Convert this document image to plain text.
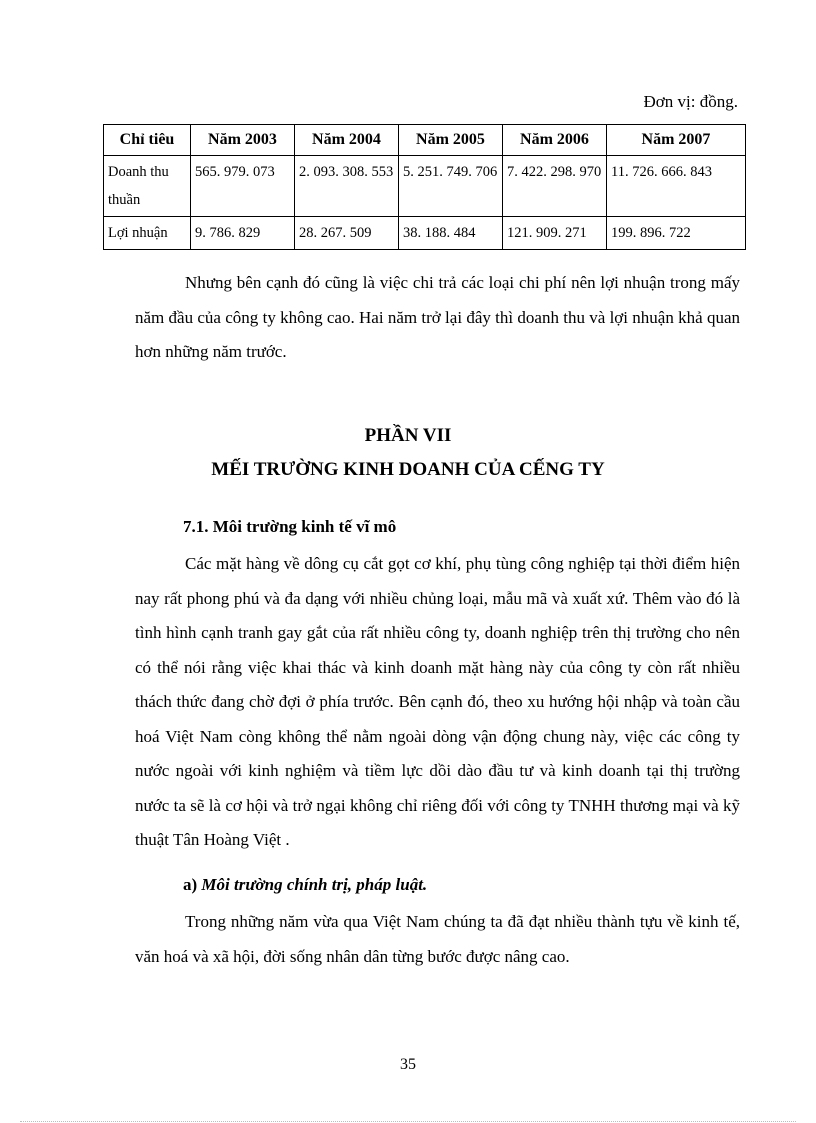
Đơn vị: đồng.
Chỉ tiêu	Năm 2003	Năm 2004	Năm 2005	Năm 2006	Năm 2007
Doanh thu thuần	565. 979. 073	2. 093. 308. 553	5. 251. 749. 706	7. 422. 298. 970	11. 726. 666. 843
Lợi nhuận	9. 786. 829	28. 267. 509	38. 188. 484	121. 909. 271	199. 896. 722
Nhưng bên cạnh đó cũng là việc chi trả các loại chi phí nên lợi nhuận trong mấy năm đầu của công ty không cao. Hai năm trở lại đây thì doanh thu và lợi nhuận khả quan hơn những năm trước.
PHẦN VII
MẾI TRƯỜNG KINH DOANH CỦA CẾNG TY
7.1. Môi trường kinh tế vĩ mô
Các mặt hàng về dông cụ cắt gọt cơ khí, phụ tùng công nghiệp tại thời điểm hiện nay rất phong phú và đa dạng với nhiều chủng loại, mẫu mã và xuất xứ. Thêm vào đó là tình hình cạnh tranh gay gắt của rất nhiều công ty, doanh nghiệp trên thị trường cho nên có thể nói rằng việc khai thác và kinh doanh mặt hàng này của công ty còn rất nhiều thách thức đang chờ đợi ở phía trước. Bên cạnh đó, theo xu hướng hội nhập và toàn cầu hoá Việt Nam còng không thể nằm ngoài dòng vận động chung này, việc các công ty nước ngoài với kinh nghiệm và tiềm lực dồi dào đầu tư và kinh doanh tại thị trường nước ta sẽ là cơ hội và trở ngại không chỉ riêng đối với công ty TNHH thương mại và kỹ thuật Tân Hoàng Việt .
a) Môi trường chính trị, pháp luật.
Trong những năm vừa qua Việt Nam chúng ta đã đạt nhiều thành tựu về kinh tế, văn hoá và xã hội, đời sống nhân dân từng bước được nâng cao.
35
